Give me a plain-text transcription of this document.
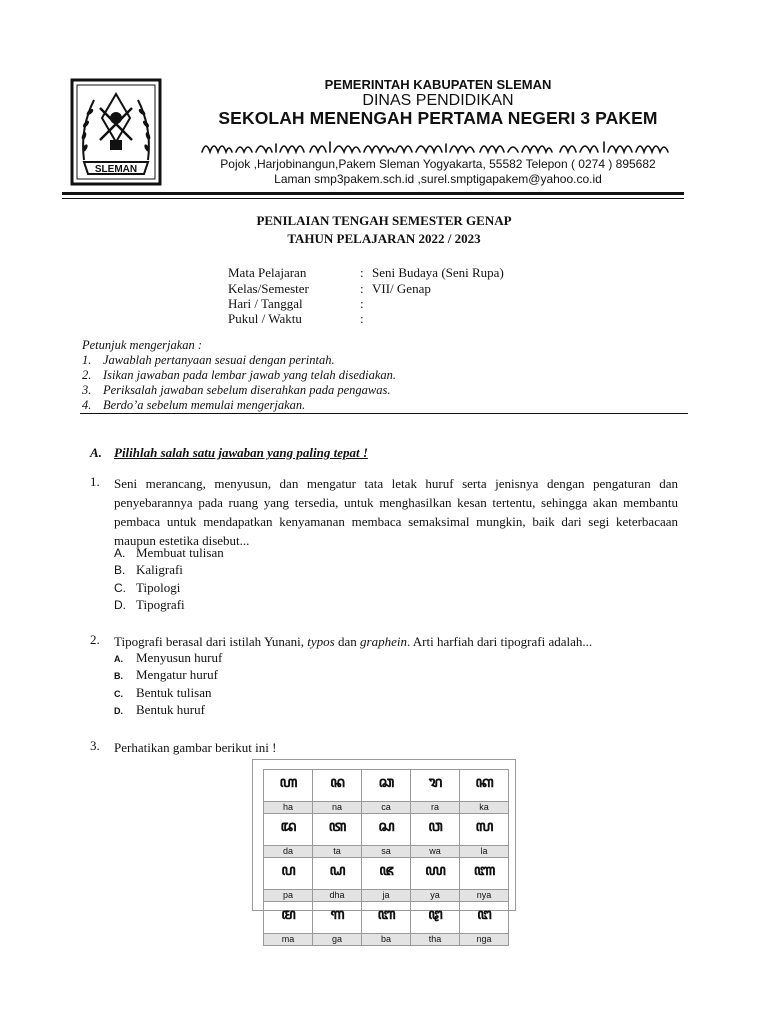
SLEMAN
PEMERINTAH KABUPATEN SLEMAN
DINAS PENDIDIKAN
SEKOLAH MENENGAH PERTAMA NEGERI 3 PAKEM
Pojok ,Harjobinangun,Pakem Sleman Yogyakarta, 55582 Telepon ( 0274 ) 895682
Laman smp3pakem.sch.id ,surel.smptigapakem@yahoo.co.id
PENILAIAN TENGAH SEMESTER GENAP
TAHUN PELAJARAN 2022 / 2023
Mata Pelajaran	: Seni Budaya (Seni Rupa)
Kelas/Semester	: VII/ Genap
Hari / Tanggal	:
Pukul / Waktu	:
Petunjuk mengerjakan :
1. Jawablah pertanyaan sesuai dengan perintah.
2. Isikan jawaban pada lembar jawab yang telah disediakan.
3. Periksalah jawaban sebelum diserahkan pada pengawas.
4. Berdo’a sebelum memulai mengerjakan.
A. Pilihlah salah satu jawaban yang paling tepat !
1. Seni merancang, menyusun, dan mengatur tata letak huruf serta jenisnya dengan pengaturan dan penyebarannya pada ruang yang tersedia, untuk menghasilkan kesan tertentu, sehingga akan membantu pembaca untuk mendapatkan kenyamanan membaca semaksimal mungkin, baik dari segi keterbacaan maupun estetika disebut...
A. Membuat tulisan
B. Kaligrafi
C. Tipologi
D. Tipografi
2. Tipografi berasal dari istilah Yunani, typos dan graphein. Arti harfiah dari tipografi adalah...
A. Menyusun huruf
B. Mengatur huruf
C. Bentuk tulisan
D. Bentuk huruf
3. Perhatikan gambar berikut ini !
ꦲ	ꦤ	ꦕ	ꦫ	ꦏ
ha	na	ca	ra	ka
ꦢ	ꦠ	ꦱ	ꦮ	ꦭ
da	ta	sa	wa	la
ꦥ	ꦝ	ꦗ	ꦪ	ꦚ
pa	dha	ja	ya	nya
ꦩ	ꦒ	ꦧ	ꦛ	ꦔ
ma	ga	ba	tha	nga
